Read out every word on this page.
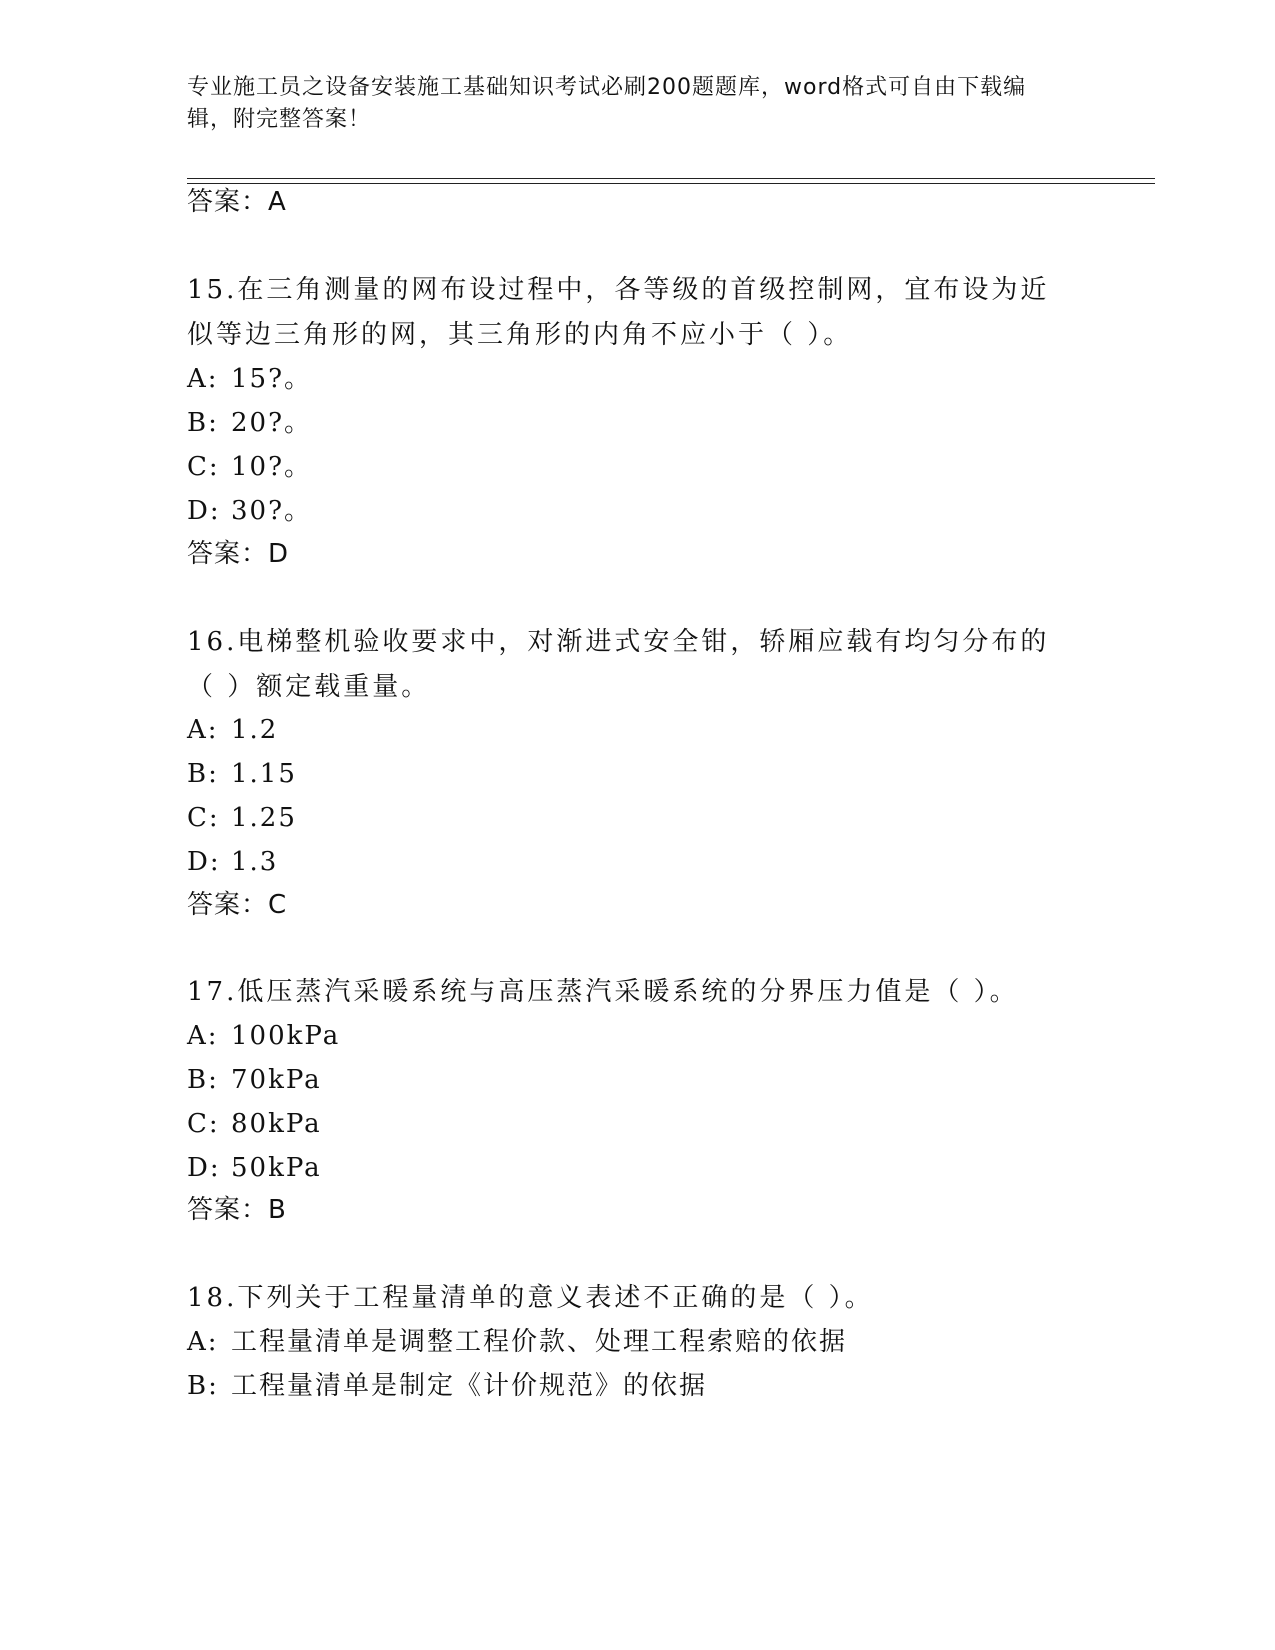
专业施工员之设备安装施工基础知识考试必刷200题题库，word格式可自由下载编辑，附完整答案！
答案：A
15.在三角测量的网布设过程中，各等级的首级控制网，宜布设为近似等边三角形的网，其三角形的内角不应小于（ ）。
A: 15?。
B: 20?。
C: 10?。
D: 30?。
答案：D
16.电梯整机验收要求中，对渐进式安全钳，轿厢应载有均匀分布的（ ）额定载重量。
A: 1.2
B: 1.15
C: 1.25
D: 1.3
答案：C
17.低压蒸汽采暖系统与高压蒸汽采暖系统的分界压力值是（ ）。
A: 100kPa
B: 70kPa
C: 80kPa
D: 50kPa
答案：B
18.下列关于工程量清单的意义表述不正确的是（ ）。
A: 工程量清单是调整工程价款、处理工程索赔的依据
B: 工程量清单是制定《计价规范》的依据
